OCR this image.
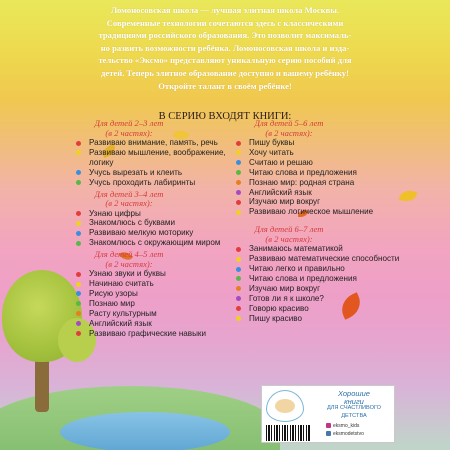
Ломоносовская школа — лучшая элитная школа Москвы.
Современные технологии сочетаются здесь с классическими
традициями российского образования. Это позволит максималь-
но развить возможности ребёнка. Ломоносовская школа и изда-
тельство «Эксмо» представляют уникальную серию пособий для
детей. Теперь элитное образование доступно и вашему ребёнку!
Откройте талант в своём ребёнке!
В СЕРИЮ ВХОДЯТ КНИГИ:
Для детей 2–3 лет
(в 2 частях):
Развиваю внимание, память, речь
Развиваю мышление, воображение, логику
Учусь вырезать и клеить
Учусь проходить лабиринты
Для детей 3–4 лет
(в 2 частях):
Узнаю цифры
Знакомлюсь с буквами
Развиваю мелкую моторику
Знакомлюсь с окружающим миром
Для детей 4–5 лет
(в 2 частях):
Узнаю звуки и буквы
Начинаю считать
Рисую узоры
Познаю мир
Расту культурным
Английский язык
Развиваю графические навыки
Для детей 5–6 лет
(в 2 частях):
Пишу буквы
Хочу читать
Считаю и решаю
Читаю слова и предложения
Познаю мир: родная страна
Английский язык
Изучаю мир вокруг
Развиваю логическое мышление
Для детей 6–7 лет
(в 2 частях):
Занимаюсь математикой
Развиваю математические способности
Читаю легко и правильно
Читаю слова и предложения
Изучаю мир вокруг
Готов ли я к школе?
Говорю красиво
Пишу красиво
Хорошие
книги
ДЛЯ СЧАСТЛИВОГО ДЕТСТВА
eksmo_kids
eksmodetstvo
